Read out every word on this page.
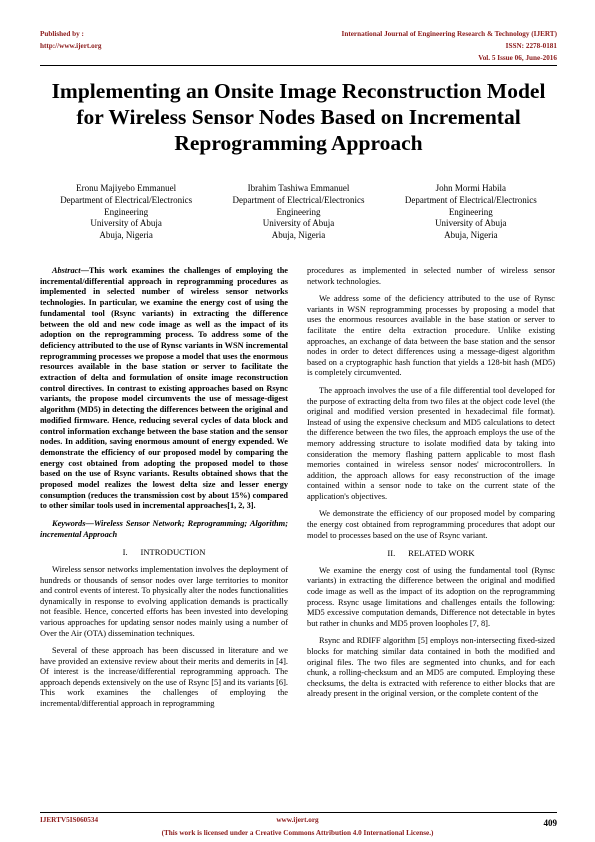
Published by :
http://www.ijert.org
International Journal of Engineering Research & Technology (IJERT)
ISSN: 2278-0181
Vol. 5 Issue 06, June-2016
Implementing an Onsite Image Reconstruction Model for Wireless Sensor Nodes Based on Incremental Reprogramming Approach
Eronu Majiyebo Emmanuel
Department of Electrical/Electronics Engineering
University of Abuja
Abuja, Nigeria
Ibrahim Tashiwa Emmanuel
Department of Electrical/Electronics Engineering
University of Abuja
Abuja, Nigeria
John Mormi Habila
Department of Electrical/Electronics Engineering
University of Abuja
Abuja, Nigeria

Abstract—This work examines the challenges of employing the incremental/differential approach in reprogramming procedures as implemented in selected number of wireless sensor networks technologies. In particular, we examine the energy cost of using the fundamental tool (Rsync variants) in extracting the difference between the old and new code image as well as the impact of its adoption on the reprogramming process. To address some of the deficiency attributed to the use of Rynsc variants in WSN incremental reprogramming processes we propose a model that uses the enormous resources available in the base station or server to facilitate the extraction of delta and formulation of onsite image reconstruction control directives. In contrast to existing approaches based on Rsync variants, the propose model circumvents the use of message-digest algorithm (MD5) in detecting the differences between the original and modified firmware. Hence, reducing several cycles of data block and control information exchange between the base station and the sensor nodes. In addition, saving enormous amount of energy expended. We demonstrate the efficiency of our proposed model by comparing the energy cost obtained from adopting the proposed model to those based on the use of Rsync variants. Results obtained shows that the proposed model realizes the lowest delta size and lesser energy consumption (reduces the transmission cost by about 15%) compared to other similar tools used in incremental approaches[1, 2, 3].

Keywords—Wireless Sensor Network; Reprogramming; Algorithm; incremental Approach

I.      INTRODUCTION

Wireless sensor networks implementation involves the deployment of hundreds or thousands of sensor nodes over large territories to monitor and control events of interest. To physically alter the nodes functionalities dynamically in response to evolving application demands is practically not feasible. Hence, concerted efforts has been invested into developing various approaches for updating sensor nodes mainly using a number of Over the Air (OTA) dissemination techniques.

Several of these approach has been discussed in literature and we have provided an extensive review about their merits and demerits in [4]. Of interest is the increase/differential reprogramming approach. The approach depends extensively on the use of Rsync [5] and its variants [6]. This work examines the challenges of employing the incremental/differential approach in reprogramming

procedures as implemented in selected number of wireless sensor network technologies.

We address some of the deficiency attributed to the use of Rynsc variants in WSN reprogramming processes by proposing a model that uses the enormous resources available in the base station or server to facilitate the entire delta extraction procedure. Unlike existing approaches, an exchange of data between the base station and the sensor nodes in order to detect differences using a message-digest algorithm based on a cryptographic hash function that yields a 128-bit hash (MD5) is completely circumvented.

The approach involves the use of a file differential tool developed for the purpose of extracting delta from two files at the object code level (the original and modified version presented in hexadecimal file format). Instead of using the expensive checksum and MD5 calculations to detect the difference between the two files, the approach employs the use of the memory addressing structure to isolate modified data by taking into consideration the memory flashing pattern applicable to most flash memories contained in wireless sensor nodes' microcontrollers. In addition, the approach allows for easy reconstruction of the image contained within a sensor node to take on the current state of the application's objectives.

We demonstrate the efficiency of our proposed model by comparing the energy cost obtained from reprogramming procedures that adopt our model to processes based on the use of Rsync variant.

II.      RELATED WORK

We examine the energy cost of using the fundamental tool (Rynsc variants) in extracting the difference between the original and modified code image as well as the impact of its adoption on the reprogramming process. Rsync usage limitations and challenges entails the following: MD5 excessive computation demands, Difference not detectable in bytes but rather in chunks and MD5 proven loopholes [7, 8].

Rsync and RDIFF algorithm [5] employs non-intersecting fixed-sized blocks for matching similar data contained in both the modified and original files. The two files are segmented into chunks, and for each chunk, a rolling-checksum and an MD5 are computed. Employing these checksums, the delta is extracted with reference to either blocks that are already present in the original version, or the complete content of the

IJERTV5IS060534	www.ijert.org	409
(This work is licensed under a Creative Commons Attribution 4.0 International License.)
